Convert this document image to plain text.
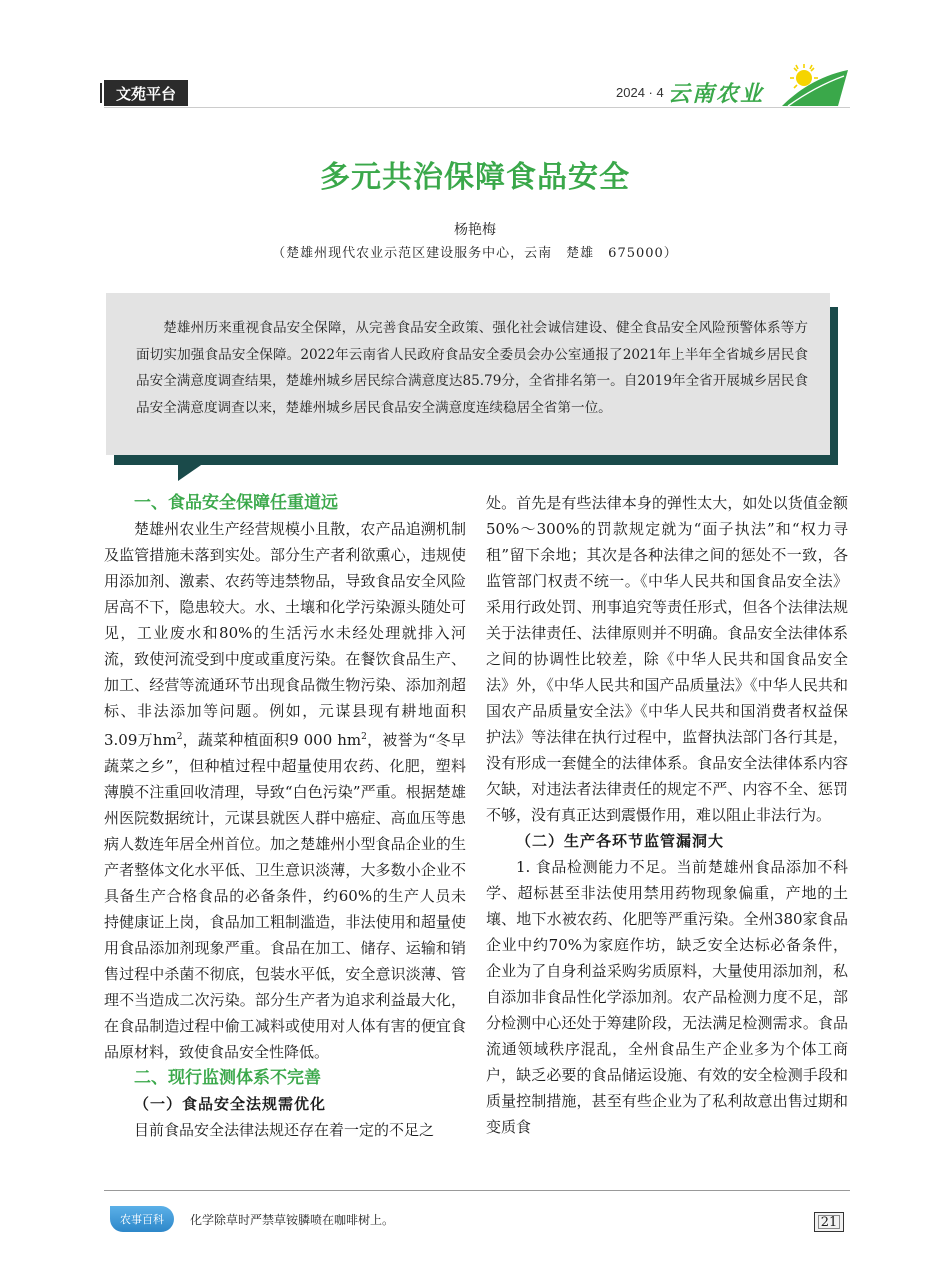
文苑平台	2024 · 4 云南农业
多元共治保障食品安全
杨艳梅
（楚雄州现代农业示范区建设服务中心，云南　楚雄　675000）

楚雄州历来重视食品安全保障，从完善食品安全政策、强化社会诚信建设、健全食品安全风险预警体系等方面切实加强食品安全保障。2022年云南省人民政府食品安全委员会办公室通报了2021年上半年全省城乡居民食品安全满意度调查结果，楚雄州城乡居民综合满意度达85.79分，全省排名第一。自2019年全省开展城乡居民食品安全满意度调查以来，楚雄州城乡居民食品安全满意度连续稳居全省第一位。

一、食品安全保障任重道远

楚雄州农业生产经营规模小且散，农产品追溯机制及监管措施未落到实处。部分生产者利欲熏心，违规使用添加剂、激素、农药等违禁物品，导致食品安全风险居高不下，隐患较大。水、土壤和化学污染源头随处可见，工业废水和80%的生活污水未经处理就排入河流，致使河流受到中度或重度污染。在餐饮食品生产、加工、经营等流通环节出现食品微生物污染、添加剂超标、非法添加等问题。例如，元谋县现有耕地面积3.09万$hm^2$，蔬菜种植面积9 000 $hm^2$，被誉为“冬早蔬菜之乡”，但种植过程中超量使用农药、化肥，塑料薄膜不注重回收清理，导致“白色污染”严重。根据楚雄州医院数据统计，元谋县就医人群中癌症、高血压等患病人数连年居全州首位。加之楚雄州小型食品企业的生产者整体文化水平低、卫生意识淡薄，大多数小企业不具备生产合格食品的必备条件，约60%的生产人员未持健康证上岗，食品加工粗制滥造，非法使用和超量使用食品添加剂现象严重。食品在加工、储存、运输和销售过程中杀菌不彻底，包装水平低，安全意识淡薄、管理不当造成二次污染。部分生产者为追求利益最大化，在食品制造过程中偷工减料或使用对人体有害的便宜食品原材料，致使食品安全性降低。

二、现行监测体系不完善
（一）食品安全法规需优化

目前食品安全法律法规还存在着一定的不足之

处。首先是有些法律本身的弹性太大，如处以货值金额50%～300%的罚款规定就为“面子执法”和“权力寻租”留下余地；其次是各种法律之间的惩处不一致，各监管部门权责不统一。《中华人民共和国食品安全法》采用行政处罚、刑事追究等责任形式，但各个法律法规关于法律责任、法律原则并不明确。食品安全法律体系之间的协调性比较差，除《中华人民共和国食品安全法》外，《中华人民共和国产品质量法》《中华人民共和国农产品质量安全法》《中华人民共和国消费者权益保护法》等法律在执行过程中，监督执法部门各行其是，没有形成一套健全的法律体系。食品安全法律体系内容欠缺，对违法者法律责任的规定不严、内容不全、惩罚不够，没有真正达到震慑作用，难以阻止非法行为。

（二）生产各环节监管漏洞大

1. 食品检测能力不足。当前楚雄州食品添加不科学、超标甚至非法使用禁用药物现象偏重，产地的土壤、地下水被农药、化肥等严重污染。全州380家食品企业中约70%为家庭作坊，缺乏安全达标必备条件，企业为了自身利益采购劣质原料，大量使用添加剂，私自添加非食品性化学添加剂。农产品检测力度不足，部分检测中心还处于筹建阶段，无法满足检测需求。食品流通领域秩序混乱，全州食品生产企业多为个体工商户，缺乏必要的食品储运设施、有效的安全检测手段和质量控制措施，甚至有些企业为了私利故意出售过期和变质食

农事百科	化学除草时严禁草铵膦喷在咖啡树上。	21
